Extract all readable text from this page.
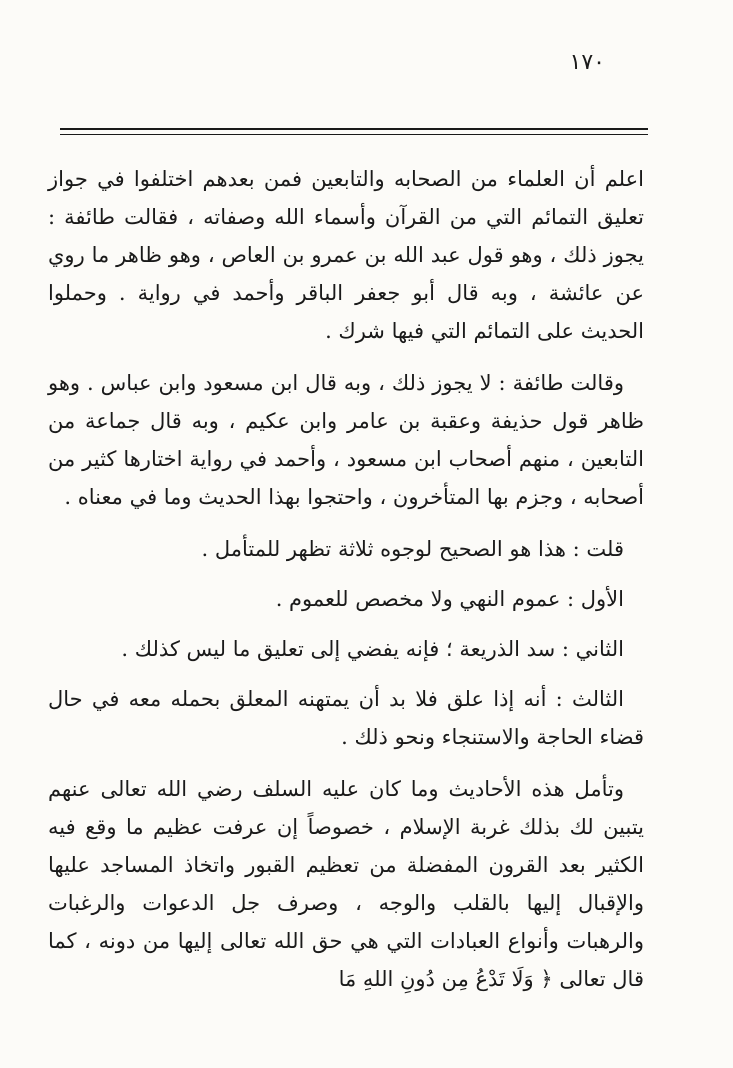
١٧٠

اعلم أن العلماء من الصحابه والتابعين فمن بعدهم اختلفوا في جواز تعليق التمائم التي من القرآن وأسماء الله وصفاته ، فقالت طائفة : يجوز ذلك ، وهو قول عبد الله بن عمرو بن العاص ، وهو ظاهر ما روي عن عائشة ، وبه قال أبو جعفر الباقر وأحمد في رواية . وحملوا الحديث على التمائم التي فيها شرك .

وقالت طائفة : لا يجوز ذلك ، وبه قال ابن مسعود وابن عباس . وهو ظاهر قول حذيفة وعقبة بن عامر وابن عكيم ، وبه قال جماعة من التابعين ، منهم أصحاب ابن مسعود ، وأحمد في رواية اختارها كثير من أصحابه ، وجزم بها المتأخرون ، واحتجوا بهذا الحديث وما في معناه .

قلت : هذا هو الصحيح لوجوه ثلاثة تظهر للمتأمل .

الأول : عموم النهي ولا مخصص للعموم .

الثاني : سد الذريعة ؛ فإنه يفضي إلى تعليق ما ليس كذلك .

الثالث : أنه إذا علق فلا بد أن يمتهنه المعلق بحمله معه في حال قضاء الحاجة والاستنجاء ونحو ذلك .

وتأمل هذه الأحاديث وما كان عليه السلف رضي الله تعالى عنهم يتبين لك بذلك غربة الإسلام ، خصوصاً إن عرفت عظيم ما وقع فيه الكثير بعد القرون المفضلة من تعظيم القبور واتخاذ المساجد عليها والإقبال إليها بالقلب والوجه ، وصرف جل الدعوات والرغبات والرهبات وأنواع العبادات التي هي حق الله تعالى إليها من دونه ، كما قال تعالى ﴿ وَلَا تَدْعُ مِن دُونِ اللهِ مَا
